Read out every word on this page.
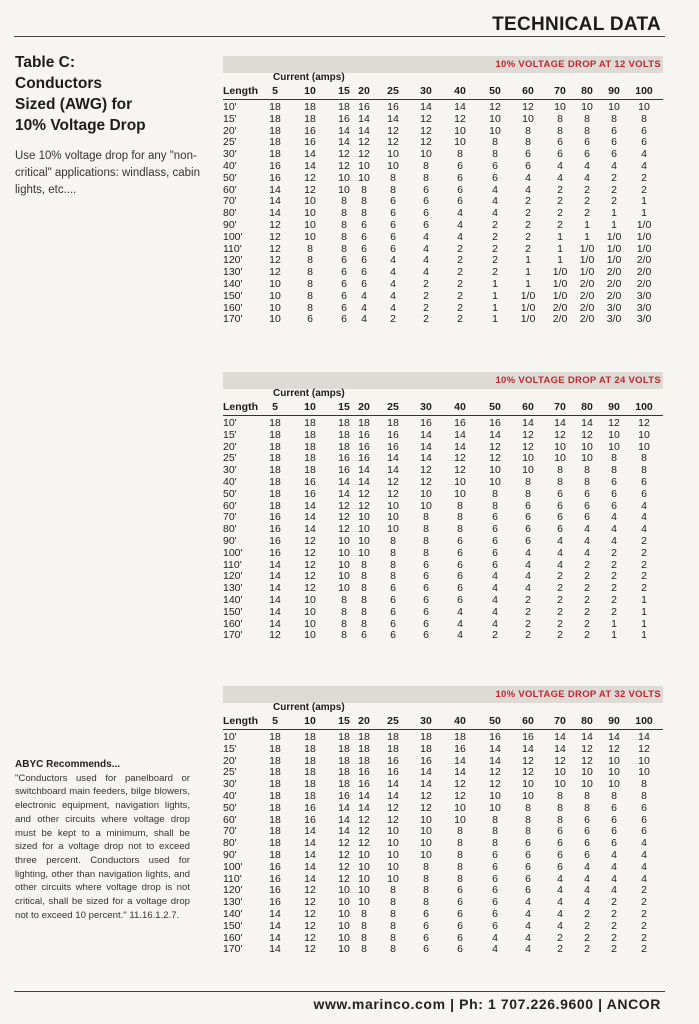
TECHNICAL DATA
Table C:
Conductors
Sized (AWG) for
10% Voltage Drop
Use 10% voltage drop for any "non-critical" applications: windlass, cabin lights, etc....
ABYC Recommends...
"Conductors used for panelboard or switchboard main feeders, bilge blowers, electronic equipment, navigation lights, and other circuits where voltage drop must be kept to a minimum, shall be sized for a voltage drop not to exceed three percent. Conductors used for lighting, other than navigation lights, and other circuits where voltage drop is not critical, shall be sized for a voltage drop not to exceed 10 percent." 11.16.1.2.7.
10% VOLTAGE DROP AT 12 VOLTS
Current (amps)
Length	5	10	15 20	25	30	40	50	60	70	80	90	100
10'	18	18	18 16	16	14	14	12	12	10	10	10	10
15'	18	18	16 14	14	12	12	10	10	8	8	8	8
20'	18	16	14 14	12	12	10	10	8	8	8	6	6
25'	18	16	14 12	12	12	10	8	8	6	6	6	6
30'	18	14	12 12	10	10	8	8	6	6	6	6	4
40'	16	14	12 10	10	8	6	6	6	4	4	4	4
50'	16	12	10 10	8	8	6	6	4	4	4	2	2
60'	14	12	10	8	8	6	6	4	4	2	2	2	2
70'	14	10	8	8	6	6	6	4	2	2	2	2	1
80'	14	10	8	8	6	6	4	4	2	2	2	1	1
90'	12	10	8	6	6	6	4	2	2	2	1	1	1/0
100'	12	10	8	6	6	4	4	2	2	1	1	1/0	1/0
110'	12	8	8	6	6	4	2	2	2	1	1/0	1/0	1/0
120'	12	8	6	6	4	4	2	2	1	1	1/0	1/0	2/0
130'	12	8	6	6	4	4	2	2	1	1/0	1/0	2/0	2/0
140'	10	8	6	6	4	2	2	1	1	1/0	2/0	2/0	2/0
150'	10	8	6	4	4	2	2	1	1/0	1/0	2/0	2/0	3/0
160'	10	8	6	4	4	2	2	1	1/0	2/0	2/0	3/0	3/0
170'	10	6	6	4	2	2	2	1	1/0	2/0	2/0	3/0	3/0
10% VOLTAGE DROP AT 24 VOLTS
Current (amps)
Length	5	10	15 20	25	30	40	50	60	70	80	90	100
10'	18	18	18 18	18	16	16	16	14	14	14	12	12
15'	18	18	18 16	16	14	14	14	12	12	12	10	10
20'	18	18	18 16	16	14	14	12	12	10	10	10	10
25'	18	18	16 16	14	14	12	12	10	10	10	8	8
30'	18	18	16 14	14	12	12	10	10	8	8	8	8
40'	18	16	14 14	12	12	10	10	8	8	8	6	6
50'	18	16	14 12	12	10	10	8	8	6	6	6	6
60'	18	14	12 12	10	10	8	8	6	6	6	6	4
70'	16	14	12 10	10	8	8	6	6	6	6	4	4
80'	16	14	12 10	10	8	8	6	6	6	4	4	4
90'	16	12	10 10	8	8	6	6	6	4	4	4	2
100'	16	12	10 10	8	8	6	6	4	4	4	2	2
110'	14	12	10	8	8	6	6	6	4	4	2	2	2
120'	14	12	10	8	8	6	6	4	4	2	2	2	2
130'	14	12	10	8	6	6	6	4	4	2	2	2	2
140'	14	10	8	8	6	6	6	4	2	2	2	2	1
150'	14	10	8	8	6	6	4	4	2	2	2	2	1
160'	14	10	8	8	6	6	4	4	2	2	2	1	1
170'	12	10	8	6	6	6	4	2	2	2	2	1	1
10% VOLTAGE DROP AT 32 VOLTS
Current (amps)
Length	5	10	15 20	25	30	40	50	60	70	80	90	100
10'	18	18	18 18	18	18	18	16	16	14	14	14	14
15'	18	18	18 18	18	18	16	14	14	14	12	12	12
20'	18	18	18 18	16	16	14	14	12	12	12	10	10
25'	18	18	18 16	16	14	14	12	12	10	10	10	10
30'	18	18	18 16	14	14	12	12	10	10	10	10	8
40'	18	18	16 14	14	12	12	10	10	8	8	8	8
50'	18	16	14 14	12	12	10	10	8	8	8	6	6
60'	18	16	14 12	12	10	10	8	8	8	6	6	6
70'	18	14	14 12	10	10	8	8	8	6	6	6	6
80'	18	14	12 12	10	10	8	8	6	6	6	6	4
90'	18	14	12 10	10	10	8	6	6	6	6	4	4
100'	16	14	12 10	10	8	8	6	6	6	4	4	4
110'	16	14	12 10	10	8	8	6	6	4	4	4	4
120'	16	12	10 10	8	8	6	6	6	4	4	4	2
130'	16	12	10 10	8	8	6	6	4	4	4	2	2
140'	14	12	10	8	8	6	6	6	4	4	2	2	2
150'	14	12	10	8	8	6	6	6	4	4	2	2	2
160'	14	12	10	8	8	6	6	4	4	2	2	2	2
170'	14	12	10	8	8	6	6	4	4	2	2	2	2
www.marinco.com | Ph: 1 707.226.9600 | ANCOR
